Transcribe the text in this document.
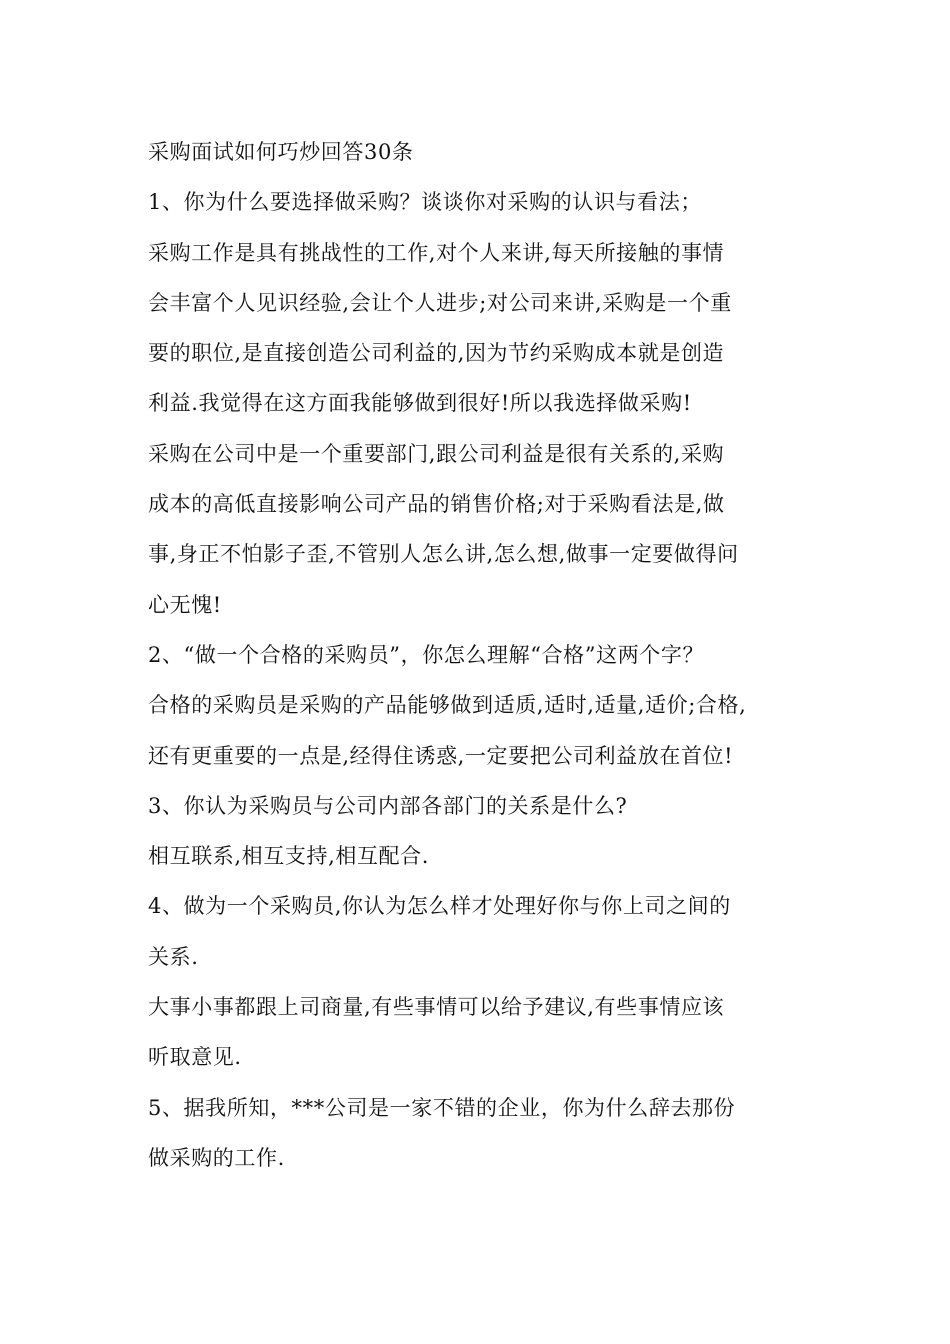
采购面试如何巧炒回答30条
1、你为什么要选择做采购？谈谈你对采购的认识与看法；
采购工作是具有挑战性的工作,对个人来讲,每天所接触的事情
会丰富个人见识经验,会让个人进步;对公司来讲,采购是一个重
要的职位,是直接创造公司利益的,因为节约采购成本就是创造
利益.我觉得在这方面我能够做到很好!所以我选择做采购!
采购在公司中是一个重要部门,跟公司利益是很有关系的,采购
成本的高低直接影响公司产品的销售价格;对于采购看法是,做
事,身正不怕影子歪,不管别人怎么讲,怎么想,做事一定要做得问
心无愧!
2、“做一个合格的采购员”，你怎么理解“合格”这两个字？
合格的采购员是采购的产品能够做到适质,适时,适量,适价;合格,
还有更重要的一点是,经得住诱惑,一定要把公司利益放在首位!
3、你认为采购员与公司内部各部门的关系是什么?
相互联系,相互支持,相互配合.
4、做为一个采购员,你认为怎么样才处理好你与你上司之间的
关系.
大事小事都跟上司商量,有些事情可以给予建议,有些事情应该
听取意见.
5、据我所知，***公司是一家不错的企业，你为什么辞去那份
做采购的工作.
